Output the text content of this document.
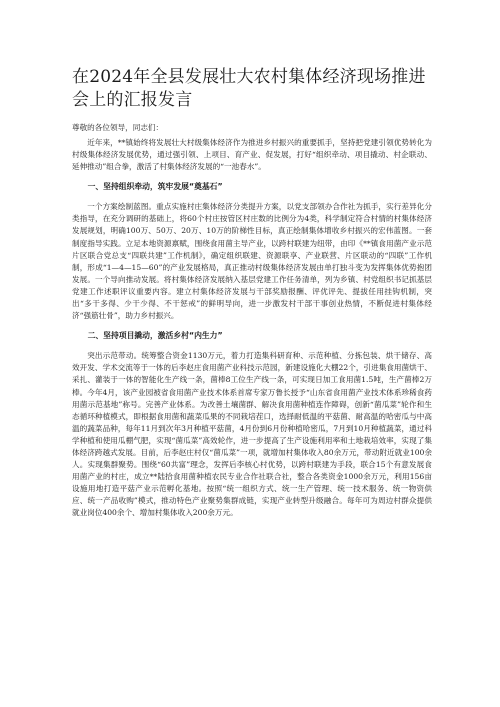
在2024年全县发展壮大农村集体经济现场推进会上的汇报发言

尊敬的各位领导，同志们：

近年来，**镇始终将发展壮大村级集体经济作为推进乡村振兴的重要抓手，坚持把党建引领优势转化为村级集体经济发展优势，通过强引领、上项目、育产业、促发展，打好“组织牵动、项目撬动、村企联动、延伸推动”组合拳，激活了村集体经济发展的“一池春水”。

一、坚持组织牵动，筑牢发展“奠基石”

一个方案绘制蓝图。重点实施村庄集体经济分类提升方案，以党支部领办合作社为抓手，实行差异化分类指导，在充分调研的基础上，将60个村庄按管区村庄数的比例分为4类，科学制定符合村情的村集体经济发展规划，明确100万、50万、20万、10万的阶梯性目标，真正绘制集体增收乡村振兴的宏伟蓝图。一套制度指导实践。立足本地资源禀赋，围绕食用菌主导产业，以跨村联建为纽带，由印《**镇食用菌产业示范片区联合党总支“四联共建”工作机制》，确定组织联建、资源联享、产业联营、片区联动的“四联”工作机制，形成“1—4—15—60”的产业发展格局，真正推动村级集体经济发展由单打独斗变为发挥集体优势抱团发展。一个导向推动发展。将村集体经济发展纳入基层党建工作任务清单，列为乡镇、村党组织书记抓基层党建工作述职评议重要内容。建立村集体经济发展与干部奖励报酬、评优评先、提拔任用挂钩机制，突出“多干多得、少干少得、不干惩戒”的鲜明导向，进一步激发村干部干事创业热情，不断促进村集体经济“强筋壮骨”，助力乡村振兴。

二、坚持项目撬动，激活乡村“内生力”

突出示范带动。统筹整合资金1130万元，着力打造集科研育种、示范种植、分拣包装、烘干储存、高效开发、学术交流等于一体的后李赵庄食用菌产业科技示范园，新建设施化大棚22个，引进集食用菌烘干、采扎、灌装于一体的智能化生产线一条，菌棒8工位生产线一条，可实现日加工食用菌1.5吨，生产菌棒2万棒。今年4月，该产业园被省食用菌产业技术体系首席专家万鲁长授予“山东省食用菌产业技术体系珍稀食药用菌示范基地”称号。完善产业体系。为改善土壤菌群、解决食用菌种植连作障碍，创新“菌瓜菜”轮作和生态循环种植模式，即根据食用菌和蔬菜瓜果的不同栽培茬口，选择耐低温的平菇菌、耐高温的哈密瓜与中高温的蔬菜品种，每年11月到次年3月种植平菇菌，4月份到6月份种植哈密瓜，7月到10月种植蔬菜，通过科学种植和使用瓜棚气肥，实现“菌瓜菜”高效轮作，进一步提高了生产设施利用率和土地栽培效率，实现了集体经济跨越式发展。目前，后李赵庄村仅“菌瓜菜”一项，就增加村集体收入80余万元，带动附近就业100余人。实现集群聚势。围绕“60共富”理念，发挥后李核心村优势，以跨村联建为手段，联合15个有意发展食用菌产业的村庄，成立**陆拾食用菌种植农民专业合作社联合社，整合各类资金1000余万元，利用156亩设施用地打造平菇产业示范孵化基地。按照“统一组织方式、统一生产管理、统一技术服务、统一物资供应、统一产品收购”模式，推动特色产业聚势集群成链，实现产业转型升级融合。每年可为周边村群众提供就业岗位400余个、增加村集体收入200余万元。
